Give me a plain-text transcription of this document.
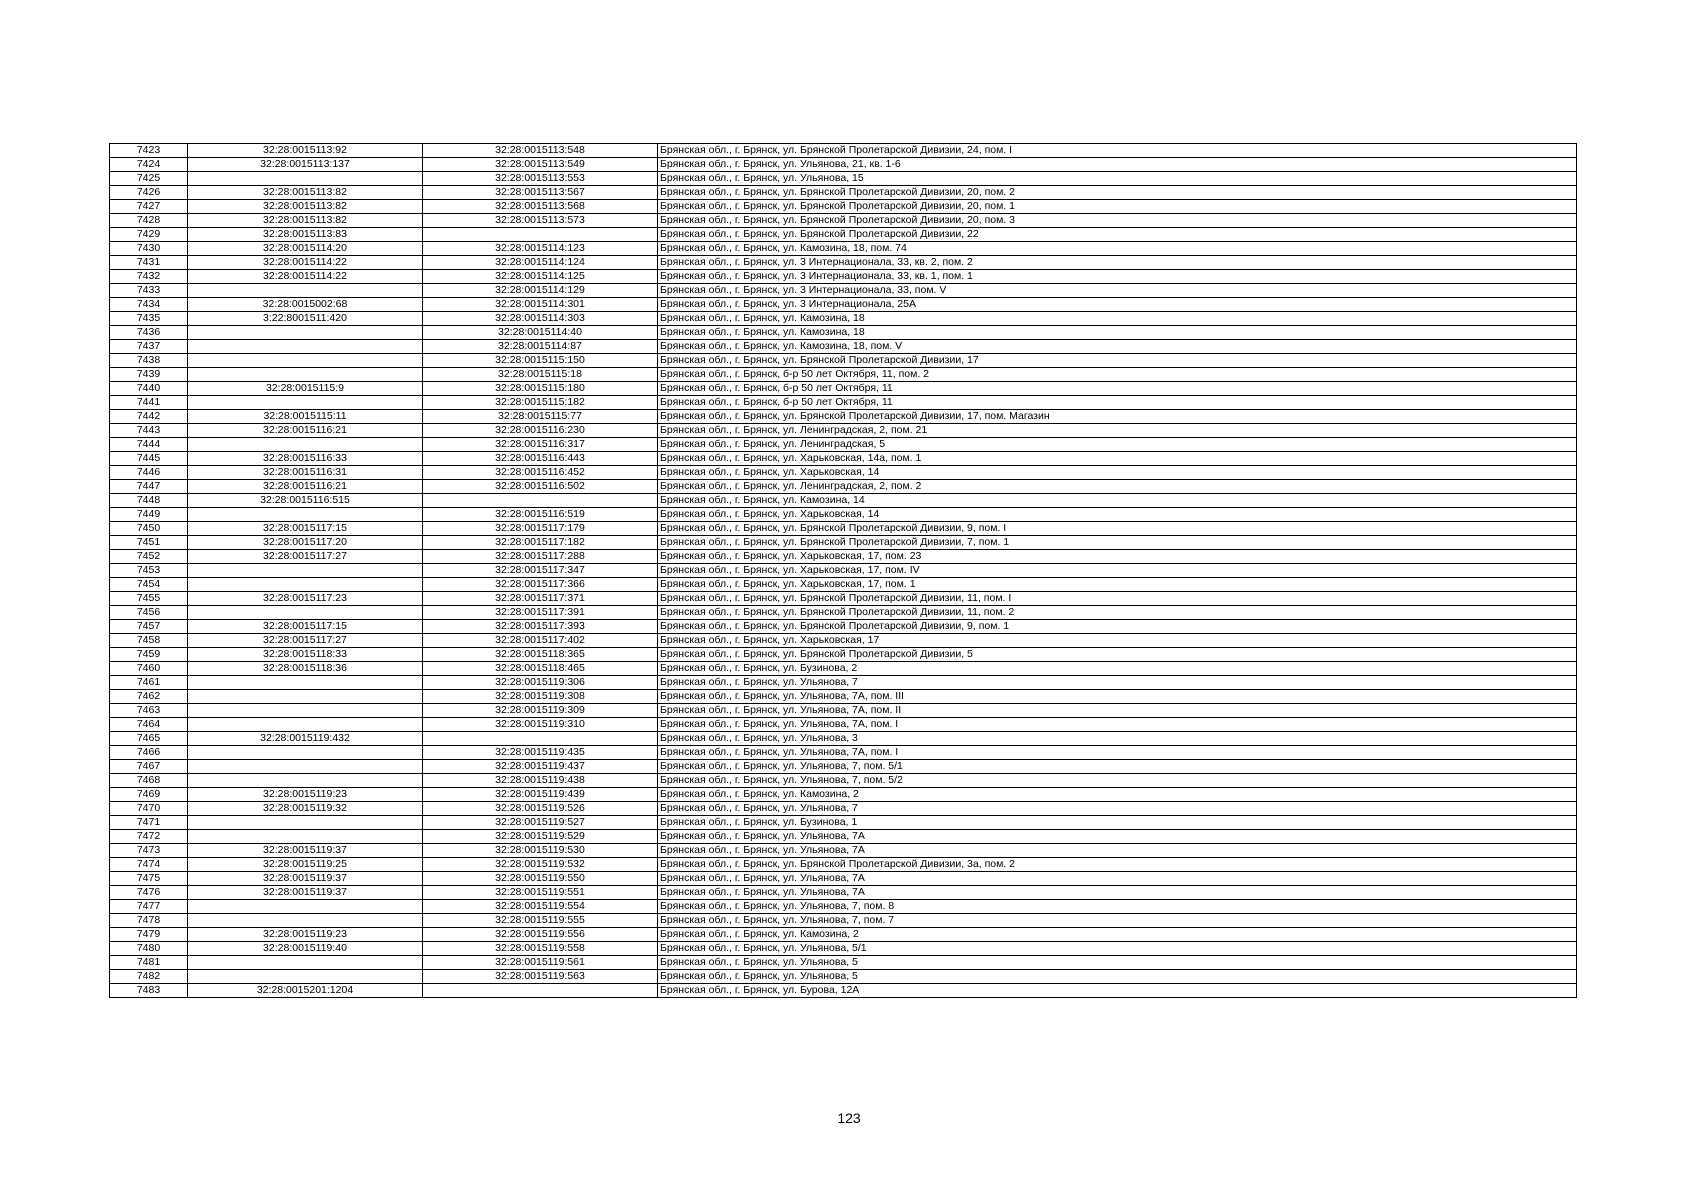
7423	32:28:0015113:92	32:28:0015113:548	Брянская обл., г. Брянск, ул. Брянской Пролетарской Дивизии, 24, пом. I
7424	32:28:0015113:137	32:28:0015113:549	Брянская обл., г. Брянск, ул. Ульянова, 21, кв. 1-6
7425		32:28:0015113:553	Брянская обл., г. Брянск, ул. Ульянова, 15
7426	32:28:0015113:82	32:28:0015113:567	Брянская обл., г. Брянск, ул. Брянской Пролетарской Дивизии, 20, пом. 2
7427	32:28:0015113:82	32:28:0015113:568	Брянская обл., г. Брянск, ул. Брянской Пролетарской Дивизии, 20, пом. 1
7428	32:28:0015113:82	32:28:0015113:573	Брянская обл., г. Брянск, ул. Брянской Пролетарской Дивизии, 20, пом. 3
7429	32:28:0015113:83		Брянская обл., г. Брянск, ул. Брянской Пролетарской Дивизии, 22
7430	32:28:0015114:20	32:28:0015114:123	Брянская обл., г. Брянск, ул. Камозина, 18, пом. 74
7431	32:28:0015114:22	32:28:0015114:124	Брянская обл., г. Брянск, ул. 3 Интернационала, 33, кв. 2, пом. 2
7432	32:28:0015114:22	32:28:0015114:125	Брянская обл., г. Брянск, ул. 3 Интернационала, 33, кв. 1, пом. 1
7433		32:28:0015114:129	Брянская обл., г. Брянск, ул. 3 Интернационала, 33, пом. V
7434	32:28:0015002:68	32:28:0015114:301	Брянская обл., г. Брянск, ул. 3 Интернационала, 25А
7435	3:22:8001511:420	32:28:0015114:303	Брянская обл., г. Брянск, ул. Камозина, 18
7436		32:28:0015114:40	Брянская обл., г. Брянск, ул. Камозина, 18
7437		32:28:0015114:87	Брянская обл., г. Брянск, ул. Камозина, 18, пом. V
7438		32:28:0015115:150	Брянская обл., г. Брянск, ул. Брянской Пролетарской Дивизии, 17
7439		32:28:0015115:18	Брянская обл., г. Брянск, б-р 50 лет Октября, 11, пом. 2
7440	32:28:0015115:9	32:28:0015115:180	Брянская обл., г. Брянск, б-р 50 лет Октября, 11
7441		32:28:0015115:182	Брянская обл., г. Брянск, б-р 50 лет Октября, 11
7442	32:28:0015115:11	32:28:0015115:77	Брянская обл., г. Брянск, ул. Брянской Пролетарской Дивизии, 17, пом. Магазин
7443	32:28:0015116:21	32:28:0015116:230	Брянская обл., г. Брянск, ул. Ленинградская, 2, пом. 21
7444		32:28:0015116:317	Брянская обл., г. Брянск, ул. Ленинградская, 5
7445	32:28:0015116:33	32:28:0015116:443	Брянская обл., г. Брянск, ул. Харьковская, 14а, пом. 1
7446	32:28:0015116:31	32:28:0015116:452	Брянская обл., г. Брянск, ул. Харьковская, 14
7447	32:28:0015116:21	32:28:0015116:502	Брянская обл., г. Брянск, ул. Ленинградская, 2, пом. 2
7448	32:28:0015116:515		Брянская обл., г. Брянск, ул. Камозина, 14
7449		32:28:0015116:519	Брянская обл., г. Брянск, ул. Харьковская, 14
7450	32:28:0015117:15	32:28:0015117:179	Брянская обл., г. Брянск, ул. Брянской Пролетарской Дивизии, 9, пом. I
7451	32:28:0015117:20	32:28:0015117:182	Брянская обл., г. Брянск, ул. Брянской Пролетарской Дивизии, 7, пом. 1
7452	32:28:0015117:27	32:28:0015117:288	Брянская обл., г. Брянск, ул. Харьковская, 17, пом. 23
7453		32:28:0015117:347	Брянская обл., г. Брянск, ул. Харьковская, 17, пом. IV
7454		32:28:0015117:366	Брянская обл., г. Брянск, ул. Харьковская, 17, пом. 1
7455	32:28:0015117:23	32:28:0015117:371	Брянская обл., г. Брянск, ул. Брянской Пролетарской Дивизии, 11, пом. I
7456		32:28:0015117:391	Брянская обл., г. Брянск, ул. Брянской Пролетарской Дивизии, 11, пом. 2
7457	32:28:0015117:15	32:28:0015117:393	Брянская обл., г. Брянск, ул. Брянской Пролетарской Дивизии, 9, пом. 1
7458	32:28:0015117:27	32:28:0015117:402	Брянская обл., г. Брянск, ул. Харьковская, 17
7459	32:28:0015118:33	32:28:0015118:365	Брянская обл., г. Брянск, ул. Брянской Пролетарской Дивизии, 5
7460	32:28:0015118:36	32:28:0015118:465	Брянская обл., г. Брянск, ул. Бузинова, 2
7461		32:28:0015119:306	Брянская обл., г. Брянск, ул. Ульянова, 7
7462		32:28:0015119:308	Брянская обл., г. Брянск, ул. Ульянова, 7А, пом. III
7463		32:28:0015119:309	Брянская обл., г. Брянск, ул. Ульянова, 7А, пом. II
7464		32:28:0015119:310	Брянская обл., г. Брянск, ул. Ульянова, 7А, пом. I
7465	32:28:0015119:432		Брянская обл., г. Брянск, ул. Ульянова, 3
7466		32:28:0015119:435	Брянская обл., г. Брянск, ул. Ульянова, 7А, пом. I
7467		32:28:0015119:437	Брянская обл., г. Брянск, ул. Ульянова, 7, пом. 5/1
7468		32:28:0015119:438	Брянская обл., г. Брянск, ул. Ульянова, 7, пом. 5/2
7469	32:28:0015119:23	32:28:0015119:439	Брянская обл., г. Брянск, ул. Камозина, 2
7470	32:28:0015119:32	32:28:0015119:526	Брянская обл., г. Брянск, ул. Ульянова, 7
7471		32:28:0015119:527	Брянская обл., г. Брянск, ул. Бузинова, 1
7472		32:28:0015119:529	Брянская обл., г. Брянск, ул. Ульянова, 7А
7473	32:28:0015119:37	32:28:0015119:530	Брянская обл., г. Брянск, ул. Ульянова, 7А
7474	32:28:0015119:25	32:28:0015119:532	Брянская обл., г. Брянск, ул. Брянской Пролетарской Дивизии, 3а, пом. 2
7475	32:28:0015119:37	32:28:0015119:550	Брянская обл., г. Брянск, ул. Ульянова, 7А
7476	32:28:0015119:37	32:28:0015119:551	Брянская обл., г. Брянск, ул. Ульянова, 7А
7477		32:28:0015119:554	Брянская обл., г. Брянск, ул. Ульянова, 7, пом. 8
7478		32:28:0015119:555	Брянская обл., г. Брянск, ул. Ульянова, 7, пом. 7
7479	32:28:0015119:23	32:28:0015119:556	Брянская обл., г. Брянск, ул. Камозина, 2
7480	32:28:0015119:40	32:28:0015119:558	Брянская обл., г. Брянск, ул. Ульянова, 5/1
7481		32:28:0015119:561	Брянская обл., г. Брянск, ул. Ульянова, 5
7482		32:28:0015119:563	Брянская обл., г. Брянск, ул. Ульянова, 5
7483	32:28:0015201:1204		Брянская обл., г. Брянск, ул. Бурова, 12А
123
